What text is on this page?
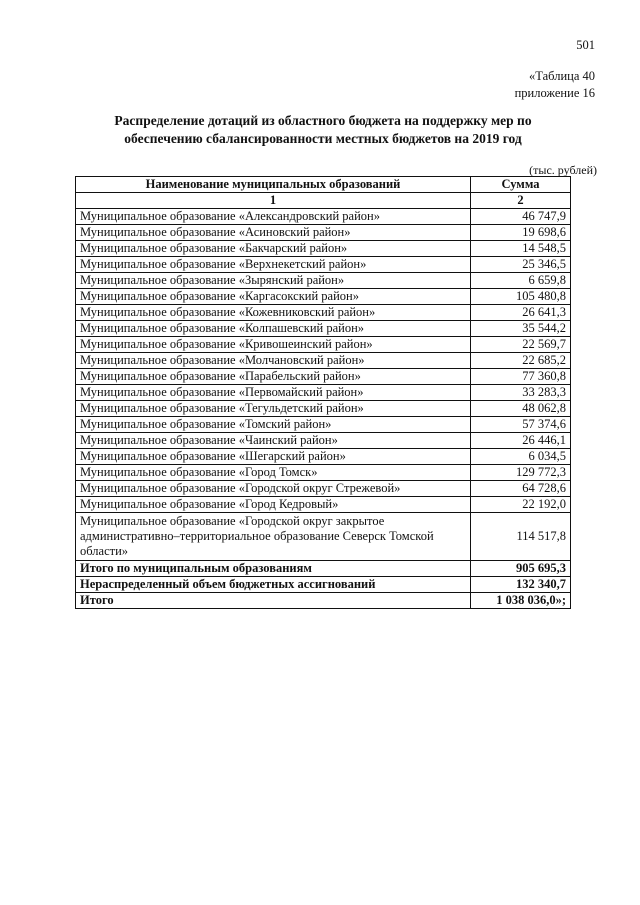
501
«Таблица 40
приложение 16
Распределение дотаций из областного бюджета на поддержку мер по
обеспечению сбалансированности местных бюджетов на 2019 год
(тыс. рублей)
Наименование муниципальных образований	Сумма
1	2
Муниципальное образование «Александровский район»	46 747,9
Муниципальное образование «Асиновский район»	19 698,6
Муниципальное образование «Бакчарский район»	14 548,5
Муниципальное образование «Верхнекетский район»	25 346,5
Муниципальное образование «Зырянский район»	6 659,8
Муниципальное образование «Каргасокский район»	105 480,8
Муниципальное образование «Кожевниковский район»	26 641,3
Муниципальное образование «Колпашевский район»	35 544,2
Муниципальное образование «Кривошеинский район»	22 569,7
Муниципальное образование «Молчановский район»	22 685,2
Муниципальное образование «Парабельский район»	77 360,8
Муниципальное образование «Первомайский район»	33 283,3
Муниципальное образование «Тегульдетский район»	48 062,8
Муниципальное образование «Томский район»	57 374,6
Муниципальное образование «Чаинский район»	26 446,1
Муниципальное образование «Шегарский район»	6 034,5
Муниципальное образование «Город Томск»	129 772,3
Муниципальное образование «Городской округ Стрежевой»	64 728,6
Муниципальное образование «Город Кедровый»	22 192,0
Муниципальное образование «Городской округ закрытое административно–территориальное образование Северск Томской области»	114 517,8
Итого по муниципальным образованиям	905 695,3
Нераспределенный объем бюджетных ассигнований	132 340,7
Итого	1 038 036,0»;
